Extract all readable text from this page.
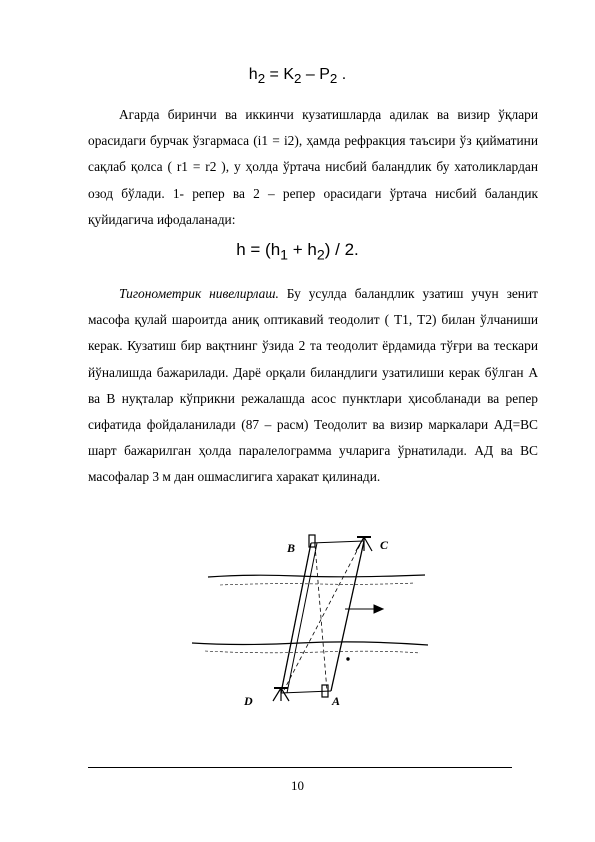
$h_2 = K_2 - P_2$ .

Агарда биринчи ва иккинчи кузатишларда адилак ва визир ўқлари орасидаги бурчак ўзгармаса (i1 = i2), ҳамда рефракция таъсири ўз қийматини сақлаб қолса ( r1 = r2 ), у ҳолда ўртача нисбий баландлик бу хатоликлардан озод бўлади. 1- репер ва 2 – репер орасидаги ўртача нисбий баландик қуйидагича ифодаланади:

$h = (h_1 + h_2) / 2$.

Тигонометрик нивелирлаш. Бу усулда баландлик узатиш учун зенит масофа қулай шароитда аниқ оптикавий теодолит ( Т1, Т2) билан ўлчаниши керак. Кузатиш бир вақтнинг ўзида 2 та теодолит ёрдамида тўғри ва тескари йўналишда бажарилади. Дарё орқали биландлиги узатилиши керак бўлган А ва В нуқталар кўприкни режалашда асос пунктлари ҳисобланади ва репер сифатида фойдаланилади (87 – расм) Теодолит ва визир маркалари АД=ВС шарт бажарилган ҳолда паралелограмма учларига ўрнатилади. АД ва ВС масофалар 3 м дан ошмаслигига харакат қилинади.

B	C
D	A
10
